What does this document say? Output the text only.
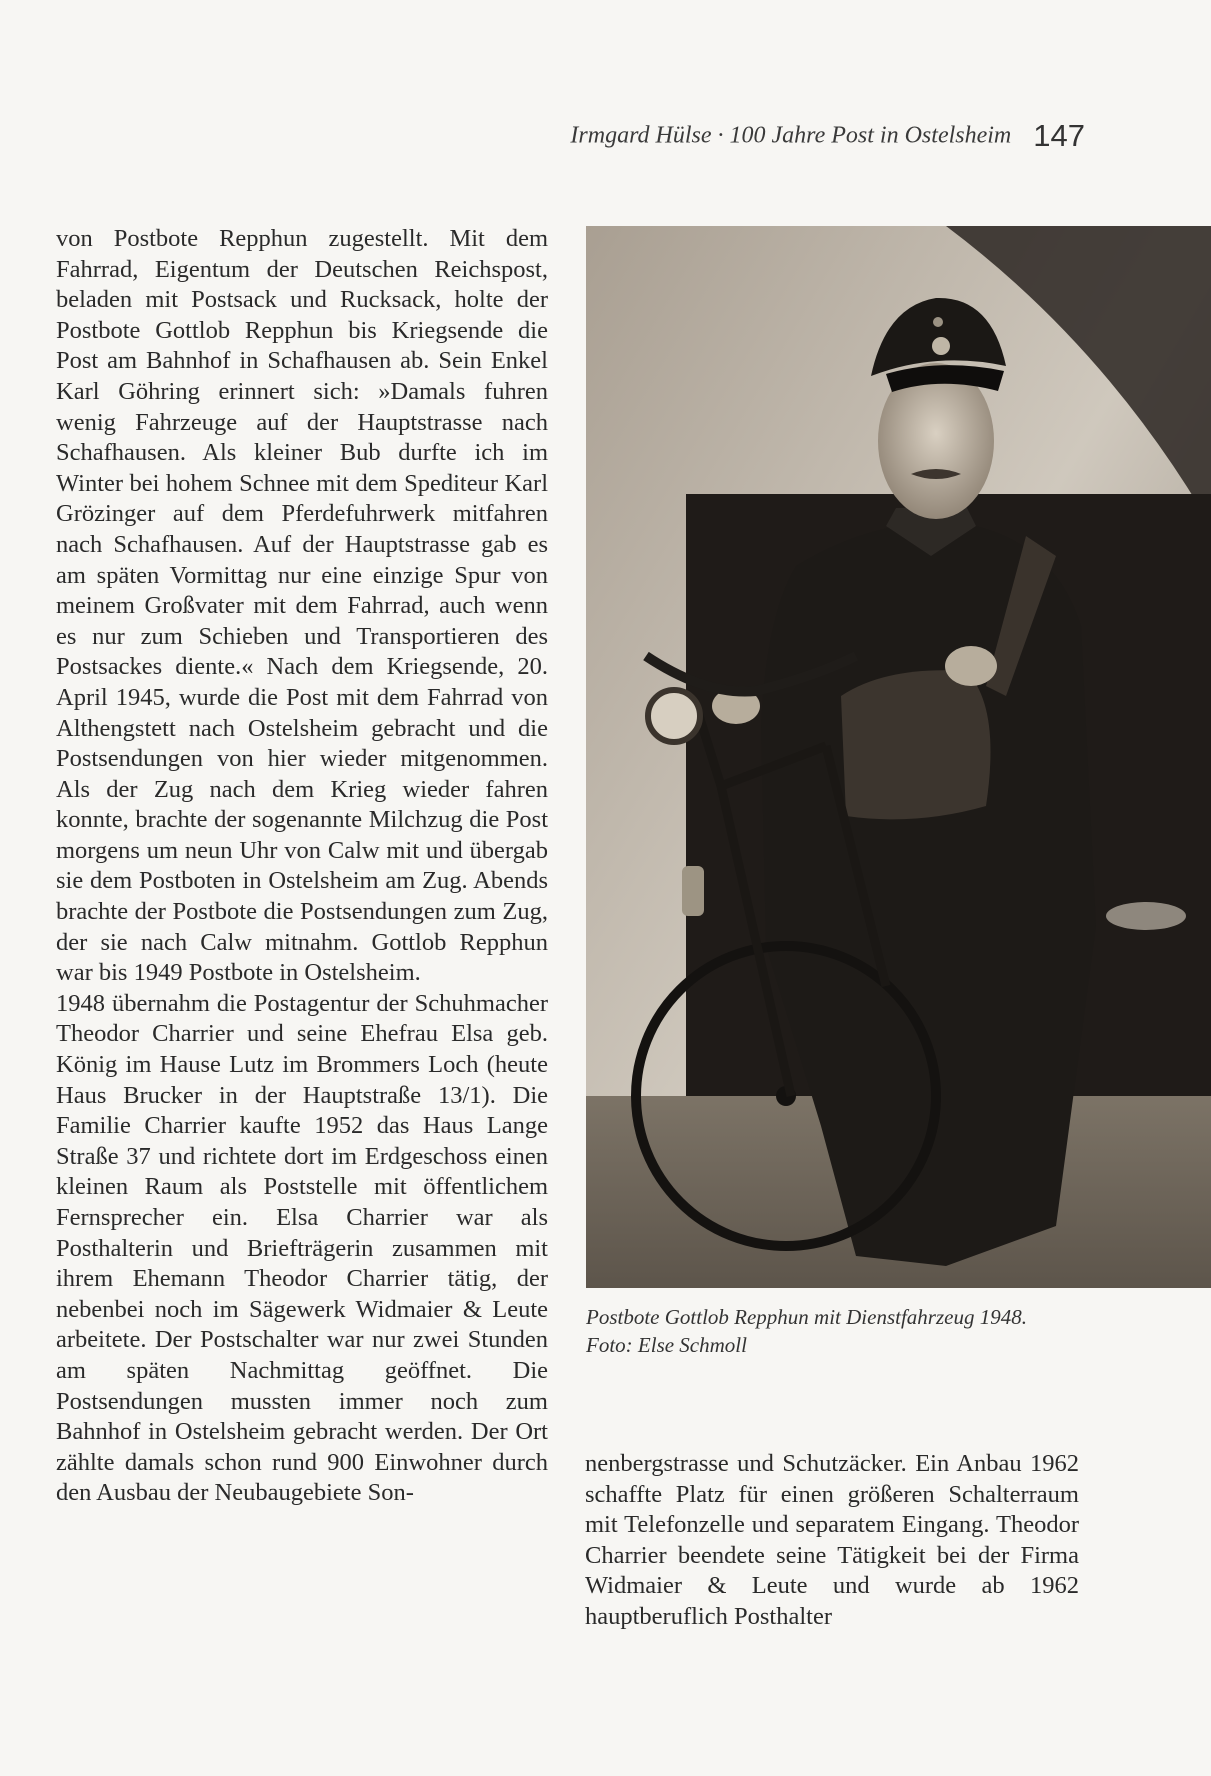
Irmgard Hülse · 100 Jahre Post in Ostelsheim 147

von Postbote Repphun zugestellt. Mit dem Fahrrad, Eigentum der Deutschen Reichspost, beladen mit Postsack und Rucksack, holte der Postbote Gottlob Repphun bis Kriegsende die Post am Bahnhof in Schafhausen ab. Sein Enkel Karl Göhring erinnert sich: »Damals fuhren wenig Fahrzeuge auf der Hauptstrasse nach Schafhausen. Als kleiner Bub durfte ich im Winter bei hohem Schnee mit dem Spediteur Karl Grözinger auf dem Pferdefuhrwerk mitfahren nach Schafhausen. Auf der Hauptstrasse gab es am späten Vormittag nur eine einzige Spur von meinem Großvater mit dem Fahrrad, auch wenn es nur zum Schieben und Transportieren des Postsackes diente.« Nach dem Kriegsende, 20. April 1945, wurde die Post mit dem Fahrrad von Althengstett nach Ostelsheim gebracht und die Postsendungen von hier wieder mitgenommen. Als der Zug nach dem Krieg wieder fahren konnte, brachte der sogenannte Milchzug die Post morgens um neun Uhr von Calw mit und übergab sie dem Postboten in Ostelsheim am Zug. Abends brachte der Postbote die Postsendungen zum Zug, der sie nach Calw mitnahm. Gottlob Repphun war bis 1949 Postbote in Ostelsheim.

1948 übernahm die Postagentur der Schuhmacher Theodor Charrier und seine Ehefrau Elsa geb. König im Hause Lutz im Brommers Loch (heute Haus Brucker in der Hauptstraße 13/1). Die Familie Charrier kaufte 1952 das Haus Lange Straße 37 und richtete dort im Erdgeschoss einen kleinen Raum als Poststelle mit öffentlichem Fernsprecher ein. Elsa Charrier war als Posthalterin und Briefträgerin zusammen mit ihrem Ehemann Theodor Charrier tätig, der nebenbei noch im Sägewerk Widmaier & Leute arbeitete. Der Postschalter war nur zwei Stunden am späten Nachmittag geöffnet. Die Postsendungen mussten immer noch zum Bahnhof in Ostelsheim gebracht werden. Der Ort zählte damals schon rund 900 Einwohner durch den Ausbau der Neubaugebiete Son-

Postbote Gottlob Repphun mit Dienstfahrzeug 1948.
Foto: Else Schmoll

nenbergstrasse und Schutzäcker. Ein Anbau 1962 schaffte Platz für einen größeren Schalterraum mit Telefonzelle und separatem Eingang. Theodor Charrier beendete seine Tätigkeit bei der Firma Widmaier & Leute und wurde ab 1962 hauptberuflich Posthalter
